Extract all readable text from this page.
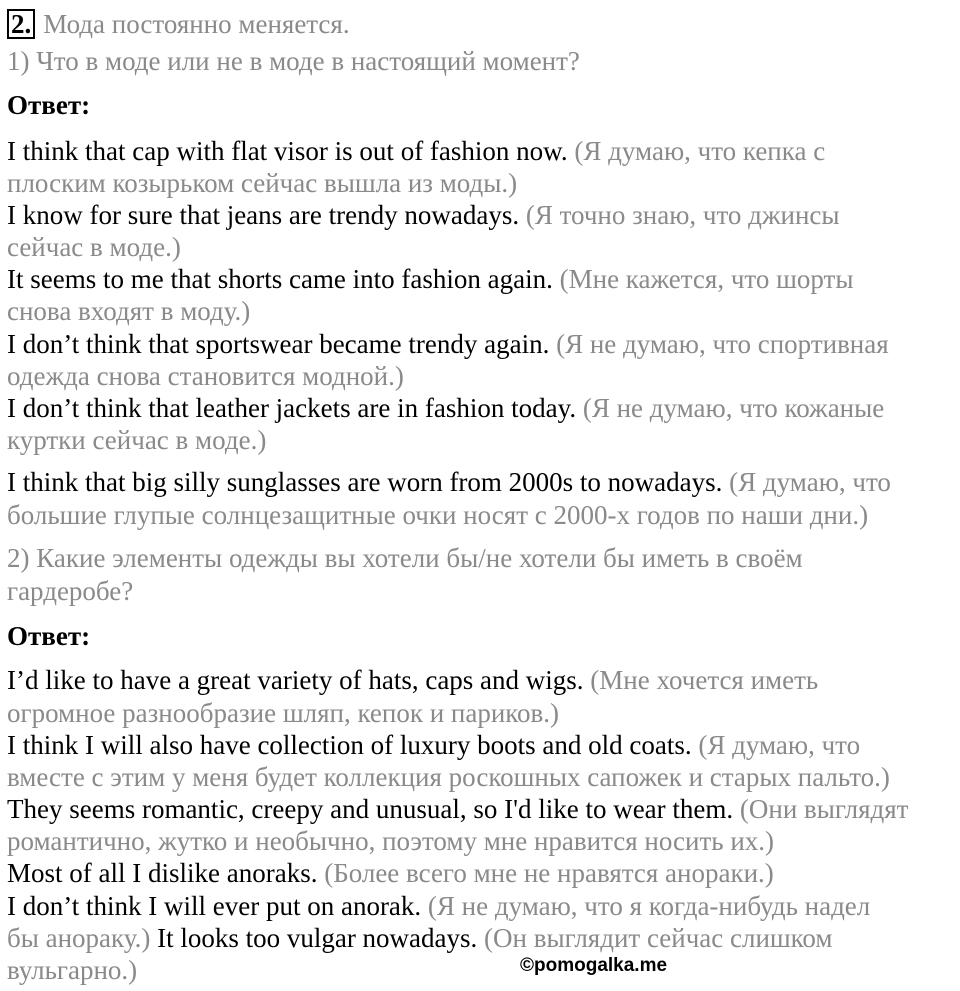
2. Мода постоянно меняется.
1) Что в моде или не в моде в настоящий момент?
Ответ:
I think that cap with flat visor is out of fashion now. (Я думаю, что кепка с
плоским козырьком сейчас вышла из моды.)
I know for sure that jeans are trendy nowadays. (Я точно знаю, что джинсы
сейчас в моде.)
It seems to me that shorts came into fashion again. (Мне кажется, что шорты
снова входят в моду.)
I don’t think that sportswear became trendy again. (Я не думаю, что спортивная
одежда снова становится модной.)
I don’t think that leather jackets are in fashion today. (Я не думаю, что кожаные
куртки сейчас в моде.)
I think that big silly sunglasses are worn from 2000s to nowadays. (Я думаю, что
большие глупые солнцезащитные очки носят с 2000-х годов по наши дни.)
2) Какие элементы одежды вы хотели бы/не хотели бы иметь в своём
гардеробе?
Ответ:
I’d like to have a great variety of hats, caps and wigs. (Мне хочется иметь
огромное разнообразие шляп, кепок и париков.)
I think I will also have collection of luxury boots and old coats. (Я думаю, что
вместе с этим у меня будет коллекция роскошных сапожек и старых пальто.)
They seems romantic, creepy and unusual, so I'd like to wear them. (Они выглядят
романтично, жутко и необычно, поэтому мне нравится носить их.)
Most of all I dislike anoraks. (Более всего мне не нравятся анораки.)
I don’t think I will ever put on anorak. (Я не думаю, что я когда-нибудь надел
бы анораку.) It looks too vulgar nowadays. (Он выглядит сейчас слишком
вульгарно.)	©pomogalka.me
